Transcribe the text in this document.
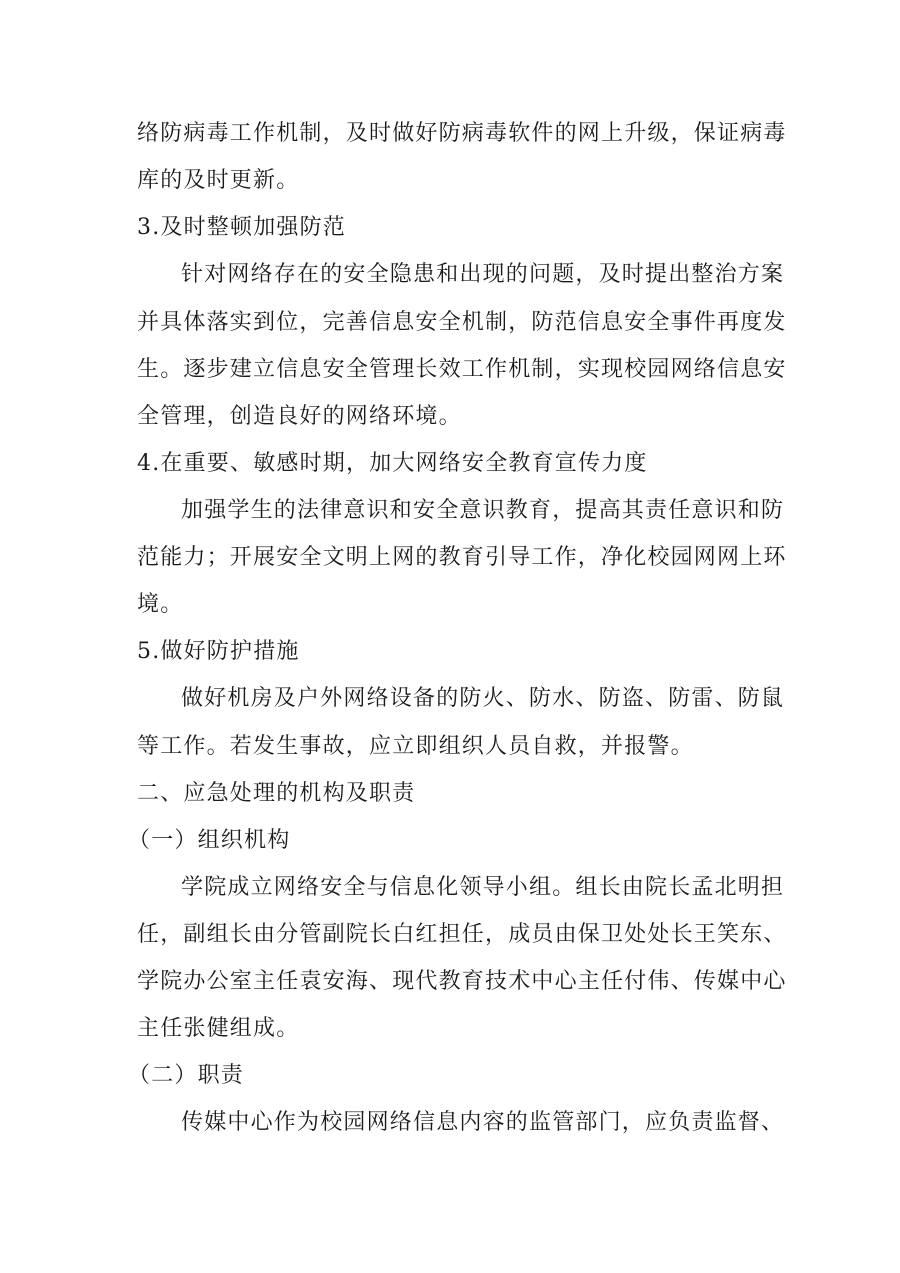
络防病毒工作机制，及时做好防病毒软件的网上升级，保证病毒
库的及时更新。
3.及时整顿加强防范
针对网络存在的安全隐患和出现的问题，及时提出整治方案
并具体落实到位，完善信息安全机制，防范信息安全事件再度发
生。逐步建立信息安全管理长效工作机制，实现校园网络信息安
全管理，创造良好的网络环境。
4.在重要、敏感时期，加大网络安全教育宣传力度
加强学生的法律意识和安全意识教育，提高其责任意识和防
范能力；开展安全文明上网的教育引导工作，净化校园网网上环
境。
5.做好防护措施
做好机房及户外网络设备的防火、防水、防盗、防雷、防鼠
等工作。若发生事故，应立即组织人员自救，并报警。
二、应急处理的机构及职责
（一）组织机构
学院成立网络安全与信息化领导小组。组长由院长孟北明担
任，副组长由分管副院长白红担任，成员由保卫处处长王笑东、
学院办公室主任袁安海、现代教育技术中心主任付伟、传媒中心
主任张健组成。
（二）职责
传媒中心作为校园网络信息内容的监管部门，应负责监督、
